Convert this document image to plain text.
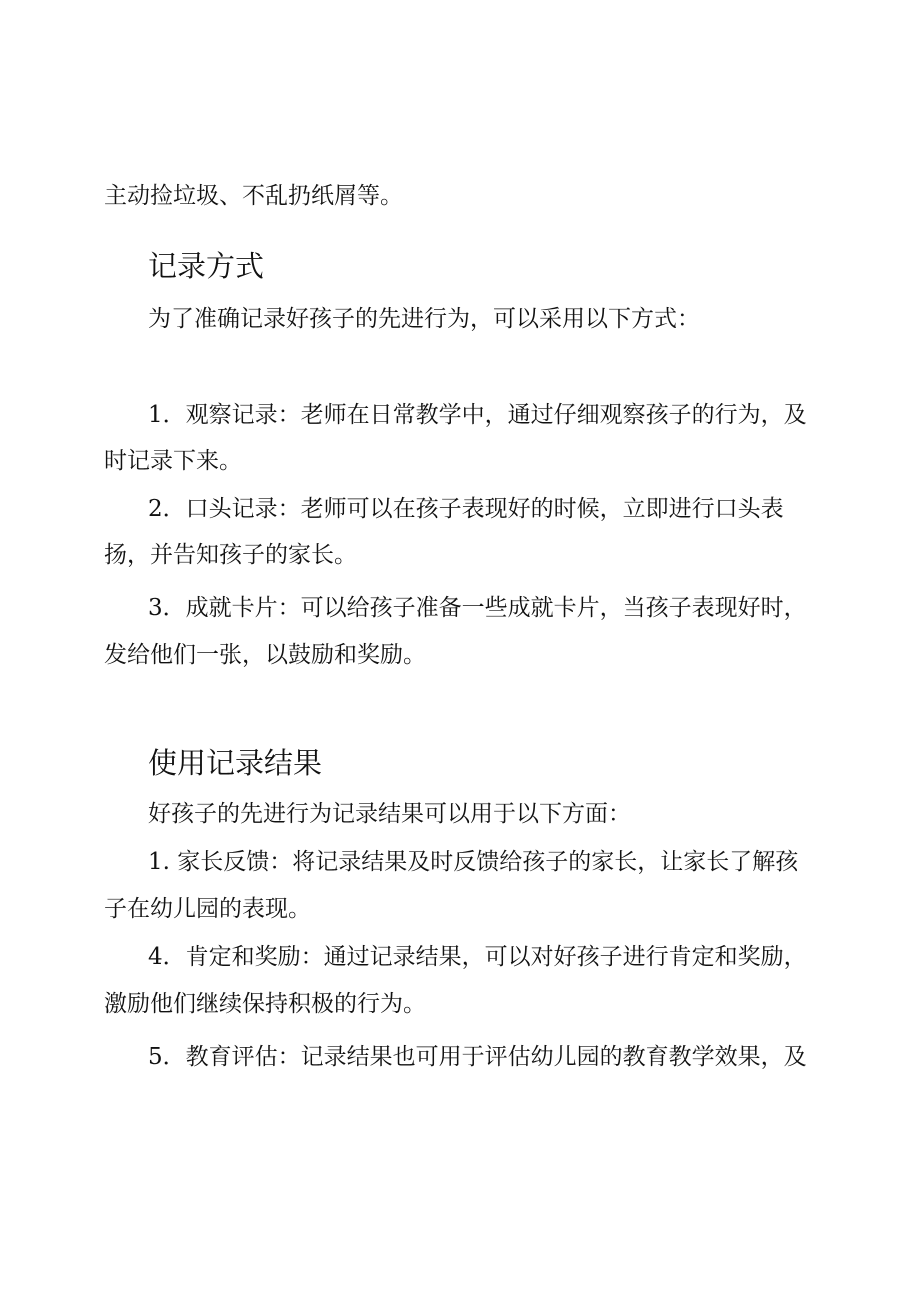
主动捡垃圾、不乱扔纸屑等。
记录方式
为了准确记录好孩子的先进行为，可以采用以下方式：
1．观察记录：老师在日常教学中，通过仔细观察孩子的行为，及
时记录下来。
2．口头记录：老师可以在孩子表现好的时候，立即进行口头表
扬，并告知孩子的家长。
3．成就卡片：可以给孩子准备一些成就卡片，当孩子表现好时，
发给他们一张，以鼓励和奖励。
使用记录结果
好孩子的先进行为记录结果可以用于以下方面：
1. 家长反馈：将记录结果及时反馈给孩子的家长，让家长了解孩
子在幼儿园的表现。
4．肯定和奖励：通过记录结果，可以对好孩子进行肯定和奖励，
激励他们继续保持积极的行为。
5．教育评估：记录结果也可用于评估幼儿园的教育教学效果，及
